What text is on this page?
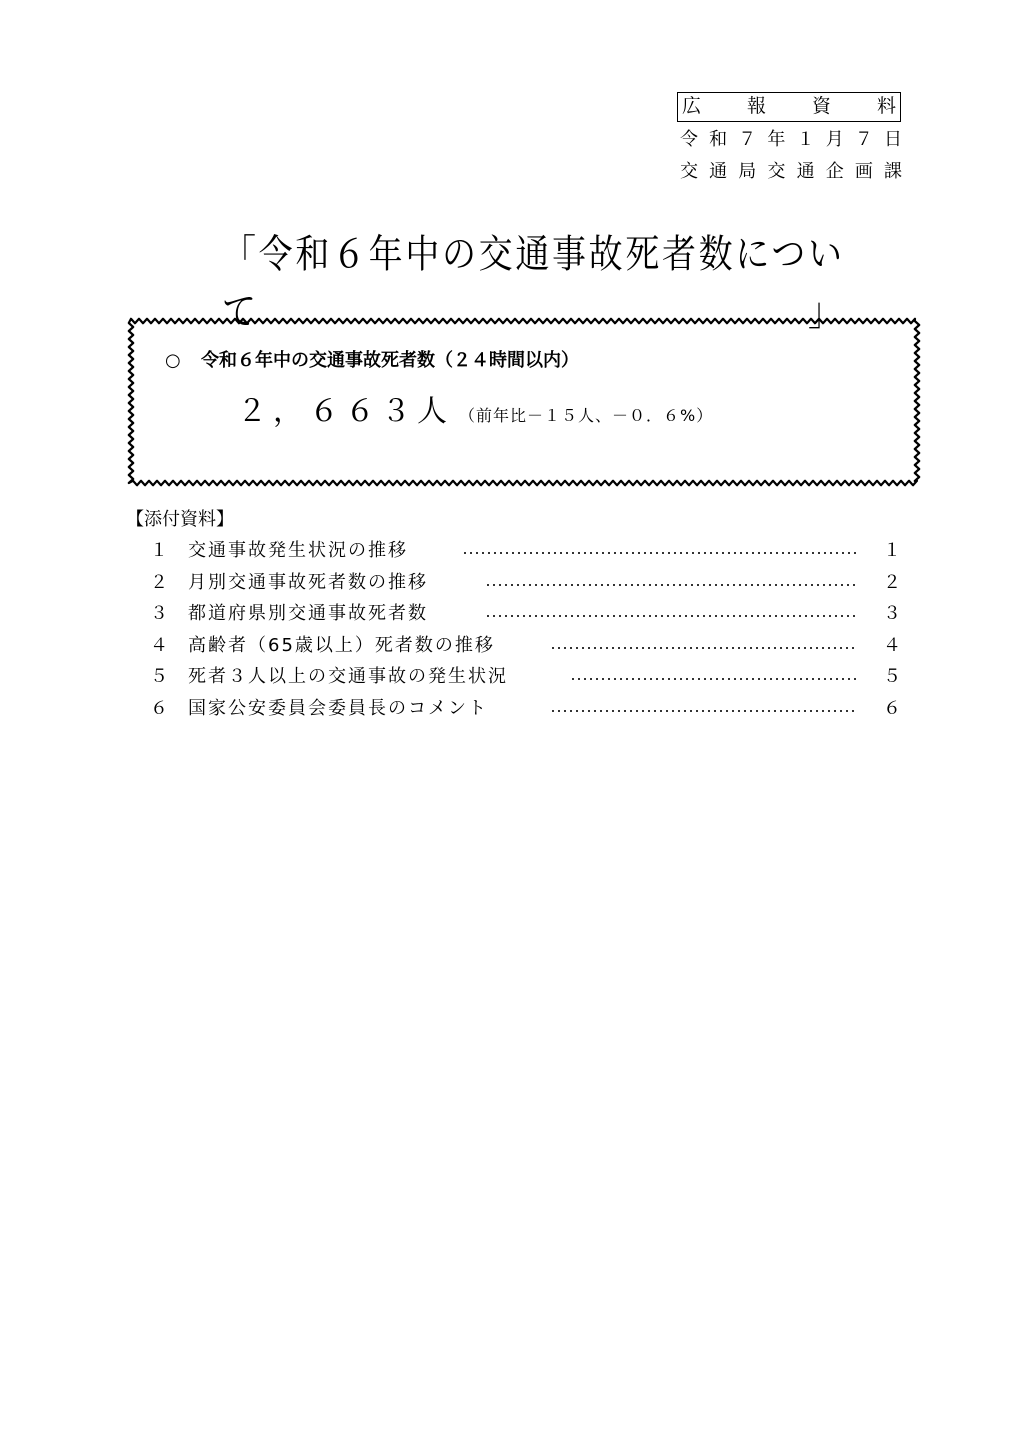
広報資料
令和７年１月７日
交通局交通企画課
「令和６年中の交通事故死者数について」
○ 令和６年中の交通事故死者数（２４時間以内）
２，６６３人 （前年比－１５人、－０．６%）
【添付資料】
１ 交通事故発生状況の推移	１
２ 月別交通事故死者数の推移	２
３ 都道府県別交通事故死者数	３
４ 高齢者（65歳以上）死者数の推移	４
５ 死者３人以上の交通事故の発生状況	５
６ 国家公安委員会委員長のコメント	６
